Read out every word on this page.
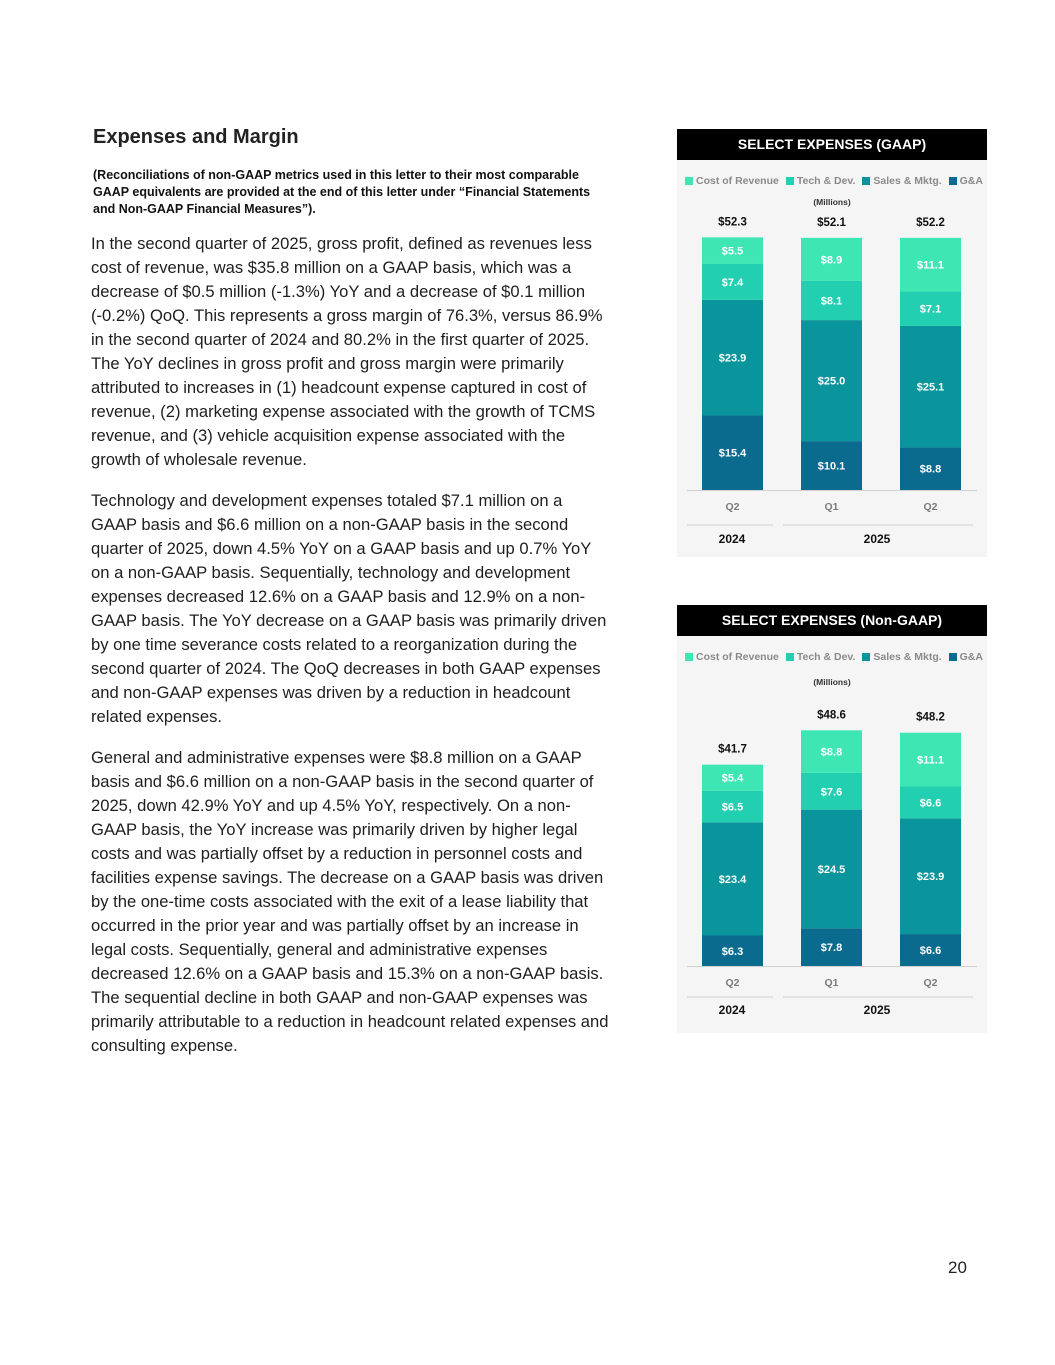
Expenses and Margin
(Reconciliations of non-GAAP metrics used in this letter to their most comparable GAAP equivalents are provided at the end of this letter under “Financial Statements and Non-GAAP Financial Measures”).

In the second quarter of 2025, gross profit, defined as revenues less cost of revenue, was $35.8 million on a GAAP basis, which was a decrease of $0.5 million (-1.3%) YoY and a decrease of $0.1 million (-0.2%) QoQ. This represents a gross margin of 76.3%, versus 86.9% in the second quarter of 2024 and 80.2% in the first quarter of 2025. The YoY declines in gross profit and gross margin were primarily attributed to increases in (1) headcount expense captured in cost of revenue, (2) marketing expense associated with the growth of TCMS revenue, and (3) vehicle acquisition expense associated with the growth of wholesale revenue.

Technology and development expenses totaled $7.1 million on a GAAP basis and $6.6 million on a non-GAAP basis in the second quarter of 2025, down 4.5% YoY on a GAAP basis and up 0.7% YoY on a non-GAAP basis. Sequentially, technology and development expenses decreased 12.6% on a GAAP basis and 12.9% on a non-GAAP basis. The YoY decrease on a GAAP basis was primarily driven by one time severance costs related to a reorganization during the second quarter of 2024. The QoQ decreases in both GAAP expenses and non-GAAP expenses was driven by a reduction in headcount related expenses.

General and administrative expenses were $8.8 million on a GAAP basis and $6.6 million on a non-GAAP basis in the second quarter of 2025, down 42.9% YoY and up 4.5% YoY, respectively. On a non-GAAP basis, the YoY increase was primarily driven by higher legal costs and was partially offset by a reduction in personnel costs and facilities expense savings. The decrease on a GAAP basis was driven by the one-time costs associated with the exit of a lease liability that occurred in the prior year and was partially offset by an increase in legal costs. Sequentially, general and administrative expenses decreased 12.6% on a GAAP basis and 15.3% on a non-GAAP basis. The sequential decline in both GAAP and non-GAAP expenses was primarily attributable to a reduction in headcount related expenses and consulting expense.

SELECT EXPENSES (GAAP)
Cost of Revenue Tech & Dev. Sales & Mktg. G&A
(Millions)
$15.4
$23.9
$7.4
$5.5
$52.3
Q2
$10.1
$25.0
$8.1
$8.9
$52.1
Q1
$8.8
$25.1
$7.1
$11.1
$52.2
Q2
2024	2025
SELECT EXPENSES (Non-GAAP)
Cost of Revenue Tech & Dev. Sales & Mktg. G&A
(Millions)
$6.3
$23.4
$6.5
$5.4
$41.7
Q2
$7.8
$24.5
$7.6
$8.8
$48.6
Q1
$6.6
$23.9
$6.6
$11.1
$48.2
Q2
2024	2025
20
